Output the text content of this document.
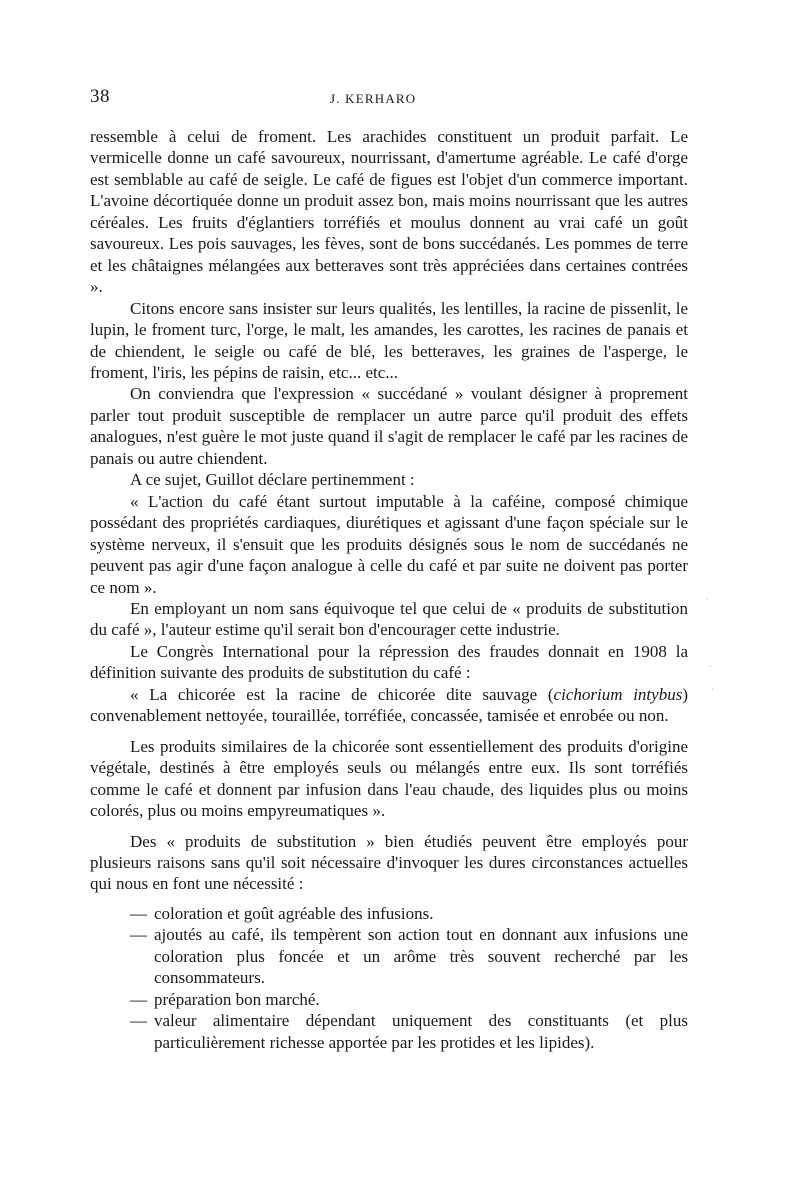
38	J. KERHARO

ressemble à celui de froment. Les arachides constituent un produit parfait. Le vermicelle donne un café savoureux, nourrissant, d'amertume agréable. Le café d'orge est semblable au café de seigle. Le café de figues est l'objet d'un commerce important. L'avoine décortiquée donne un produit assez bon, mais moins nourrissant que les autres céréales. Les fruits d'églantiers torréfiés et moulus donnent au vrai café un goût savoureux. Les pois sauvages, les fèves, sont de bons succédanés. Les pommes de terre et les châtaignes mélangées aux betteraves sont très appréciées dans certaines contrées ».

Citons encore sans insister sur leurs qualités, les lentilles, la racine de pissenlit, le lupin, le froment turc, l'orge, le malt, les amandes, les carottes, les racines de panais et de chiendent, le seigle ou café de blé, les betteraves, les graines de l'asperge, le froment, l'iris, les pépins de raisin, etc... etc...

On conviendra que l'expression « succédané » voulant désigner à proprement parler tout produit susceptible de remplacer un autre parce qu'il produit des effets analogues, n'est guère le mot juste quand il s'agit de remplacer le café par les racines de panais ou autre chiendent.

A ce sujet, Guillot déclare pertinemment :

« L'action du café étant surtout imputable à la caféine, composé chimique possédant des propriétés cardiaques, diurétiques et agissant d'une façon spéciale sur le système nerveux, il s'ensuit que les produits désignés sous le nom de succédanés ne peuvent pas agir d'une façon analogue à celle du café et par suite ne doivent pas porter ce nom ».

En employant un nom sans équivoque tel que celui de « produits de substitution du café », l'auteur estime qu'il serait bon d'encourager cette industrie.

Le Congrès International pour la répression des fraudes donnait en 1908 la définition suivante des produits de substitution du café :

« La chicorée est la racine de chicorée dite sauvage (cichorium intybus) convenablement nettoyée, touraillée, torréfiée, concassée, tamisée et enrobée ou non.

Les produits similaires de la chicorée sont essentiellement des produits d'origine végétale, destinés à être employés seuls ou mélangés entre eux. Ils sont torréfiés comme le café et donnent par infusion dans l'eau chaude, des liquides plus ou moins colorés, plus ou moins empyreumatiques ».

Des « produits de substitution » bien étudiés peuvent être employés pour plusieurs raisons sans qu'il soit nécessaire d'invoquer les dures circonstances actuelles qui nous en font une nécessité :

— coloration et goût agréable des infusions.
— ajoutés au café, ils tempèrent son action tout en donnant aux infusions une coloration plus foncée et un arôme très souvent recherché par les consommateurs.
— préparation bon marché.
— valeur alimentaire dépendant uniquement des constituants (et plus particulièrement richesse apportée par les protides et les lipides).
·
·
·
